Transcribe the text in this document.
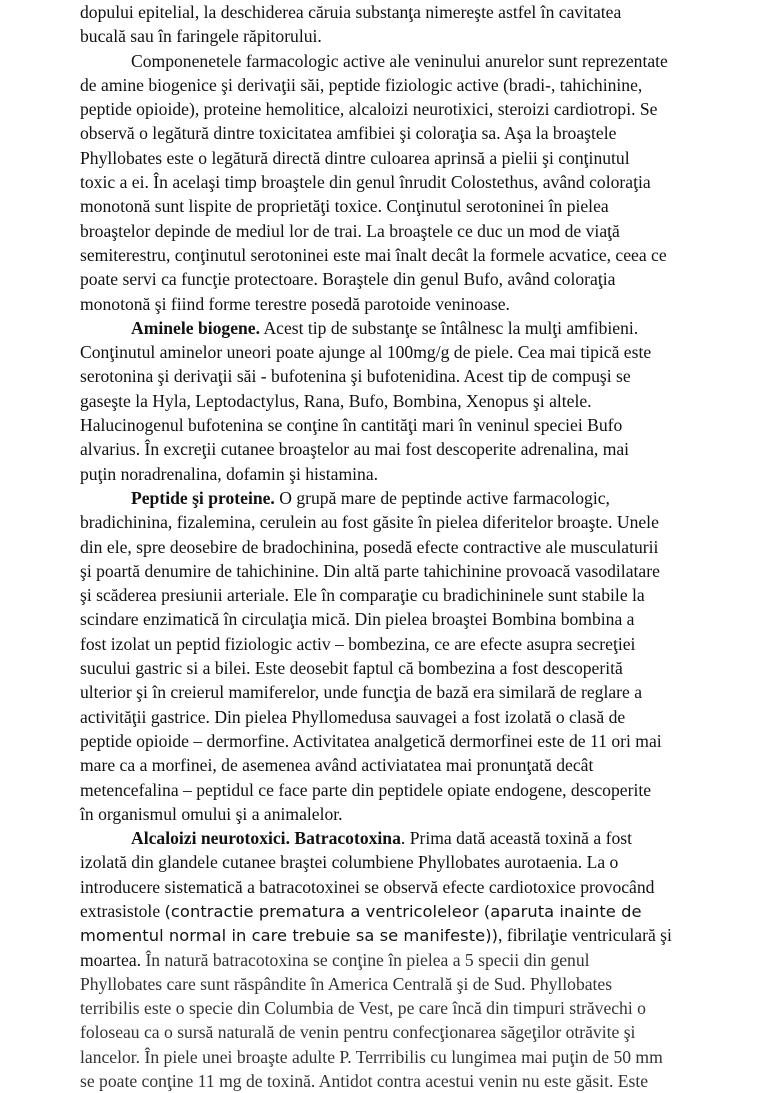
dopului epitelial, la deschiderea căruia substanţa nimereşte astfel în cavitatea
bucală sau în faringele răpitorului.
Componenetele farmacologic active ale veninului anurelor sunt reprezentate
de amine biogenice şi derivaţii săi, peptide fiziologic active (bradi-, tahichinine,
peptide opioide), proteine hemolitice, alcaloizi neurotixici, steroizi cardiotropi. Se
observă o legătură dintre toxicitatea amfibiei şi coloraţia sa. Aşa la broaştele
Phyllobates este o legătură directă dintre culoarea aprinsă a pielii şi conţinutul
toxic a ei. În acelaşi timp broaştele din genul înrudit Colostethus, având coloraţia
monotonă sunt lispite de proprietăţi toxice. Conţinutul serotoninei în pielea
broaştelor depinde de mediul lor de trai. La broaştele ce duc un mod de viaţă
semiterestru, conţinutul serotoninei este mai înalt decât la formele acvatice, ceea ce
poate servi ca funcţie protectoare. Boraştele din genul Bufo, având coloraţia
monotonă şi fiind forme terestre posedă parotoide veninoase.
Aminele biogene. Acest tip de substanţe se întâlnesc la mulţi amfibieni.
Conţinutul aminelor uneori poate ajunge al 100mg/g de piele. Cea mai tipică este
serotonina şi derivaţii săi - bufotenina şi bufotenidina. Acest tip de compuşi se
gaseşte la Hyla, Leptodactylus, Rana, Bufo, Bombina, Xenopus şi altele.
Halucinogenul bufotenina se conţine în cantităţi mari în veninul speciei Bufo
alvarius. În excreţii cutanee broaştelor au mai fost descoperite adrenalina, mai
puţin noradrenalina, dofamin şi histamina.
Peptide şi proteine. O grupă mare de peptinde active farmacologic,
bradichinina, fizalemina, cerulein au fost găsite în pielea diferitelor broaşte. Unele
din ele, spre deosebire de bradochinina, posedă efecte contractive ale musculaturii
şi poartă denumire de tahichinine. Din altă parte tahichinine provoacă vasodilatare
şi scăderea presiunii arteriale. Ele în comparaţie cu bradichininele sunt stabile la
scindare enzimatică în circulaţia mică. Din pielea broaştei Bombina bombina a
fost izolat un peptid fiziologic activ – bombezina, ce are efecte asupra secreţiei
sucului gastric si a bilei. Este deosebit faptul că bombezina a fost descoperită
ulterior şi în creierul mamiferelor, unde funcţia de bază era similară de reglare a
activităţii gastrice. Din pielea Phyllomedusa sauvagei a fost izolată o clasă de
peptide opioide – dermorfine. Activitatea analgetică dermorfinei este de 11 ori mai
mare ca a morfinei, de asemenea având activiatatea mai pronunţată decât
metencefalina – peptidul ce face parte din peptidele opiate endogene, descoperite
în organismul omului şi a animalelor.
Alcaloizi neurotoxici. Batracotoxina. Prima dată această toxină a fost
izolată din glandele cutanee braştei columbiene Phyllobates aurotaenia. La o
introducere sistematică a batracotoxinei se observă efecte cardiotoxice provocând
extrasistole (contractie prematura a ventricoleleor (aparuta inainte de
momentul normal in care trebuie sa se manifeste)), fibrilaţie ventriculară şi
moartea. În natură batracotoxina se conţine în pielea a 5 specii din genul
Phyllobates care sunt răspândite în America Centrală şi de Sud. Phyllobates
terribilis este o specie din Columbia de Vest, pe care încă din timpuri străvechi o
foloseau ca o sursă naturală de venin pentru confecţionarea săgeţilor otrăvite şi
lancelor. În piele unei broaşte adulte P. Terrribilis cu lungimea mai puţin de 50 mm
se poate conţine 11 mg de toxină. Antidot contra acestui venin nu este găsit. Este
